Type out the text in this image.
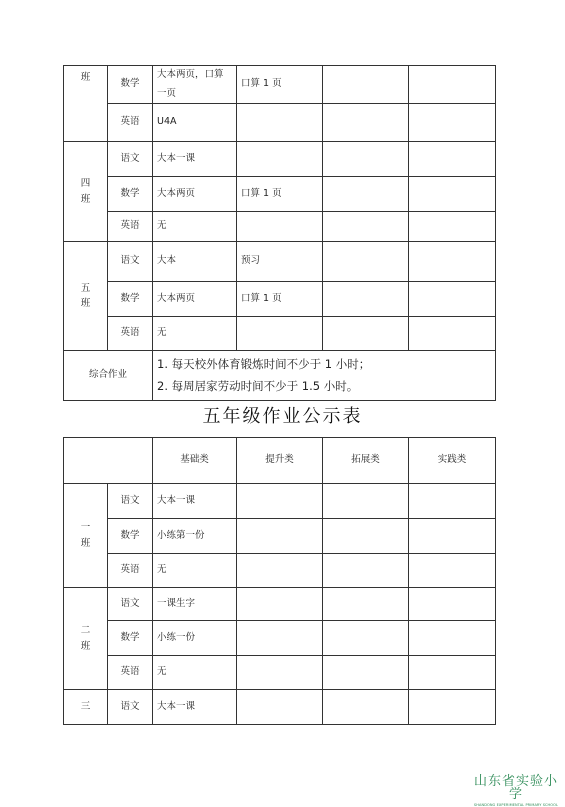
班	数学	大本两页，口算一页	口算 1 页		
	英语	U4A			

四
班	语文	大本一课			
	数学	大本两页	口算 1 页		
	英语	无			

五
班	语文	大本	预习		
	数学	大本两页	口算 1 页		
	英语	无			
综合作业		1. 每天校外体育锻炼时间不少于 1 小时；
2. 每周居家劳动时间不少于 1.5 小时。			
五年级作业公示表
		基础类	提升类	拓展类	实践类

一
班	语文	大本一课			
	数学	小练第一份			
	英语	无			

二
班	语文	一课生字			
	数学	小练一份			
	英语	无			

三	语文	大本一课			
山东省实验小学
SHANDONG EXPERIMENTAL PRIMARY SCHOOL
